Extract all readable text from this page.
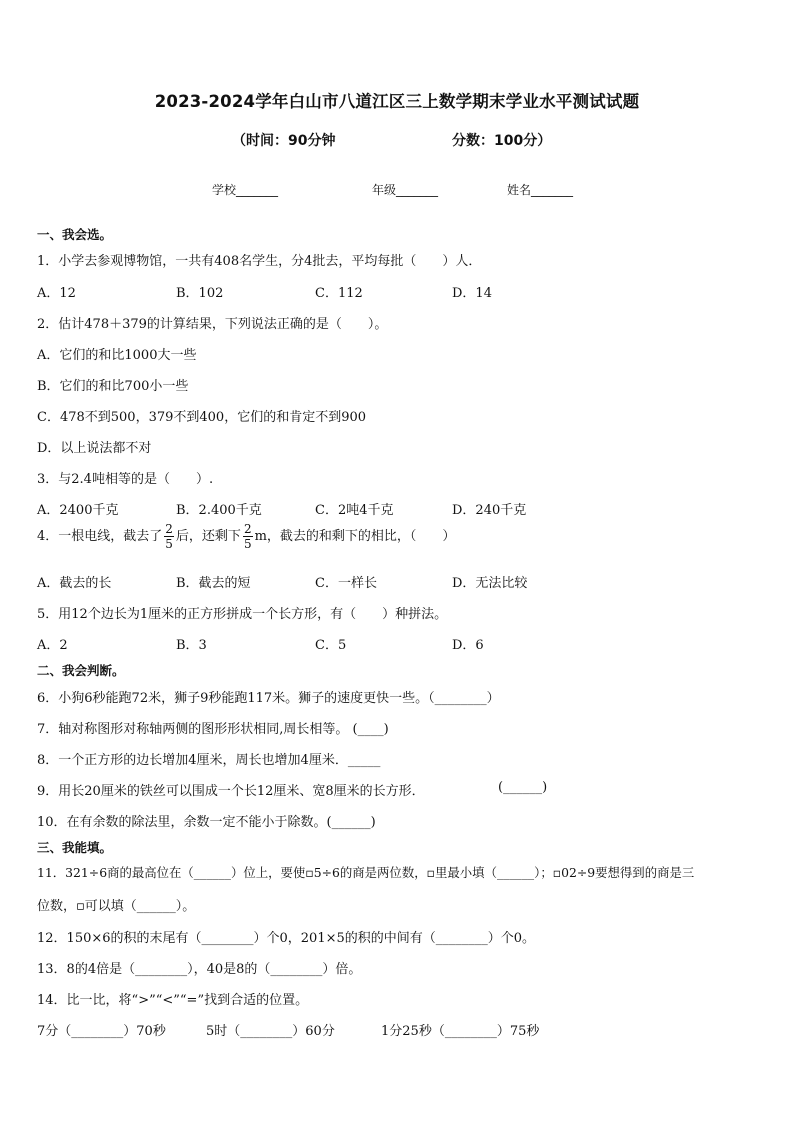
2023-2024学年白山市八道江区三上数学期末学业水平测试试题
（时间：90分钟	分数：100分）
学校_______	年级_______	姓名_______
一、我会选。
1．小学去参观博物馆，一共有408名学生，分4批去，平均每批（　　）人．
A．12	B．102	C．112	D．14
2．估计478＋379的计算结果，下列说法正确的是（　　）。
A．它们的和比1000大一些
B．它们的和比700小一些
C．478不到500，379不到400，它们的和肯定不到900
D．以上说法都不对
3．与2.4吨相等的是（　　）.
A．2400千克	B．2.400千克	C．2吨4千克	D．240千克
4．一根电线，截去了 $\frac{2}{5}$ 后，还剩下 $\frac{2}{5}$ m，截去的和剩下的相比，（　　）
A．截去的长	B．截去的短	C．一样长	D．无法比较
5．用12个边长为1厘米的正方形拼成一个长方形，有（　　）种拼法。
A．2	B．3	C．5	D．6
二、我会判断。
6．小狗6秒能跑72米，狮子9秒能跑117米。狮子的速度更快一些。（________）
7．轴对称图形对称轴两侧的图形形状相同,周长相等。 (____)
8．一个正方形的边长增加4厘米，周长也增加4厘米．_____
9．用长20厘米的铁丝可以围成一个长12厘米、宽8厘米的长方形．	(______)
10．在有余数的除法里，余数一定不能小于除数。(______)
三、我能填。
11．321÷6商的最高位在（______）位上，要使▫5÷6的商是两位数，▫里最小填（______）；▫02÷9要想得到的商是三
位数，▫可以填（______）。
12．150×6的积的末尾有（________）个0，201×5的积的中间有（________）个0。
13．8的4倍是（________），40是8的（________）倍。
14．比一比，将“>”“<”“=”找到合适的位置。
7分（________）70秒	5时（________）60分	1分25秒（________）75秒
